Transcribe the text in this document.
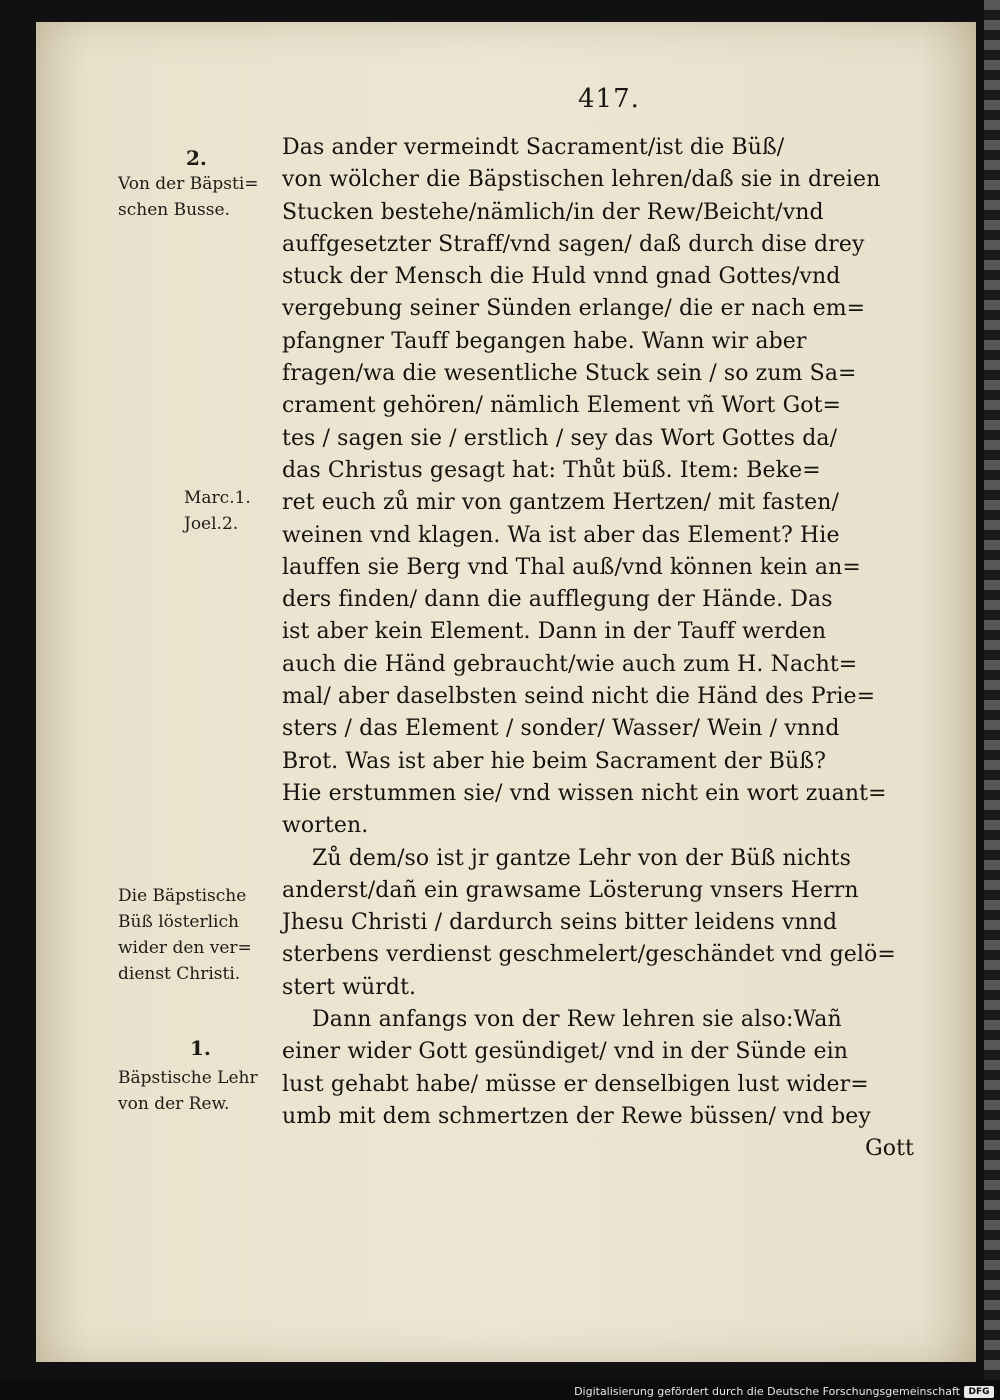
417.
Das ander vermeindt Sacrament/ist die Büß/
von wölcher die Bäpstischen lehren/daß sie in dreien
Stucken bestehe/nämlich/in der Rew/Beicht/vnd
auffgesetzter Straff/vnd sagen/ daß durch dise drey
stuck der Mensch die Huld vnnd gnad Gottes/vnd
vergebung seiner Sünden erlange/ die er nach em=
pfangner Tauff begangen habe. Wann wir aber
fragen/wa die wesentliche Stuck sein / so zum Sa=
crament gehören/ nämlich Element vñ Wort Got=
tes / sagen sie / erstlich / sey das Wort Gottes da/
das Christus gesagt hat: Thůt büß. Item: Beke=
ret euch zů mir von gantzem Hertzen/ mit fasten/
weinen vnd klagen. Wa ist aber das Element? Hie
lauffen sie Berg vnd Thal auß/vnd können kein an=
ders finden/ dann die aufflegung der Hände. Das
ist aber kein Element. Dann in der Tauff werden
auch die Händ gebraucht/wie auch zum H. Nacht=
mal/ aber daselbsten seind nicht die Händ des Prie=
sters / das Element / sonder/ Wasser/ Wein / vnnd
Brot. Was ist aber hie beim Sacrament der Büß?
Hie erstummen sie/ vnd wissen nicht ein wort zuant=
worten.
Zů dem/so ist jr gantze Lehr von der Büß nichts
anderst/dañ ein grawsame Lösterung vnsers Herrn
Jhesu Christi / dardurch seins bitter leidens vnnd
sterbens verdienst geschmelert/geschändet vnd gelö=
stert würdt.
Dann anfangs von der Rew lehren sie also:Wañ
einer wider Gott gesündiget/ vnd in der Sünde ein
lust gehabt habe/ müsse er denselbigen lust wider=
umb mit dem schmertzen der Rewe büssen/ vnd bey
Gott
2.
Von der Bäpsti=
schen Busse.
Marc.1.
Joel.2.
Die Bäpstische
Büß lösterlich
wider den ver=
dienst Christi.
1.
Bäpstische Lehr
von der Rew.
Digitalisierung gefördert durch die Deutsche Forschungsgemeinschaft DFG
